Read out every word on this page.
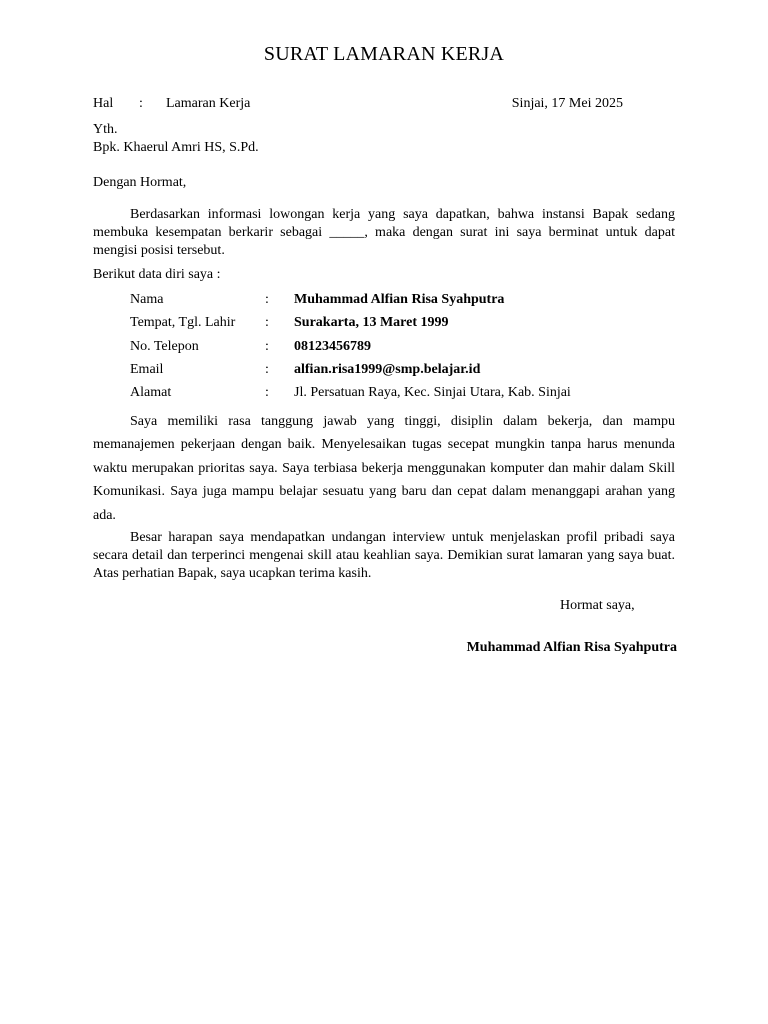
SURAT LAMARAN KERJA
Hal : Lamaran Kerja	Sinjai, 17 Mei 2025
Yth.
Bpk. Khaerul Amri HS, S.Pd.
Dengan Hormat,
Berdasarkan informasi lowongan kerja yang saya dapatkan, bahwa instansi Bapak sedang membuka kesempatan berkarir sebagai _____, maka dengan surat ini saya berminat untuk dapat mengisi posisi tersebut.
Berikut data diri saya :
Nama	: Muhammad Alfian Risa Syahputra
Tempat, Tgl. Lahir : Surakarta, 13 Maret 1999
No. Telepon	: 08123456789
Email	: alfian.risa1999@smp.belajar.id
Alamat	: Jl. Persatuan Raya, Kec. Sinjai Utara, Kab. Sinjai
Saya memiliki rasa tanggung jawab yang tinggi, disiplin dalam bekerja, dan mampu memanajemen pekerjaan dengan baik. Menyelesaikan tugas secepat mungkin tanpa harus menunda waktu merupakan prioritas saya. Saya terbiasa bekerja menggunakan komputer dan mahir dalam Skill Komunikasi. Saya juga mampu belajar sesuatu yang baru dan cepat dalam menanggapi arahan yang ada.
Besar harapan saya mendapatkan undangan interview untuk menjelaskan profil pribadi saya secara detail dan terperinci mengenai skill atau keahlian saya. Demikian surat lamaran yang saya buat. Atas perhatian Bapak, saya ucapkan terima kasih.
Hormat saya,
Muhammad Alfian Risa Syahputra
